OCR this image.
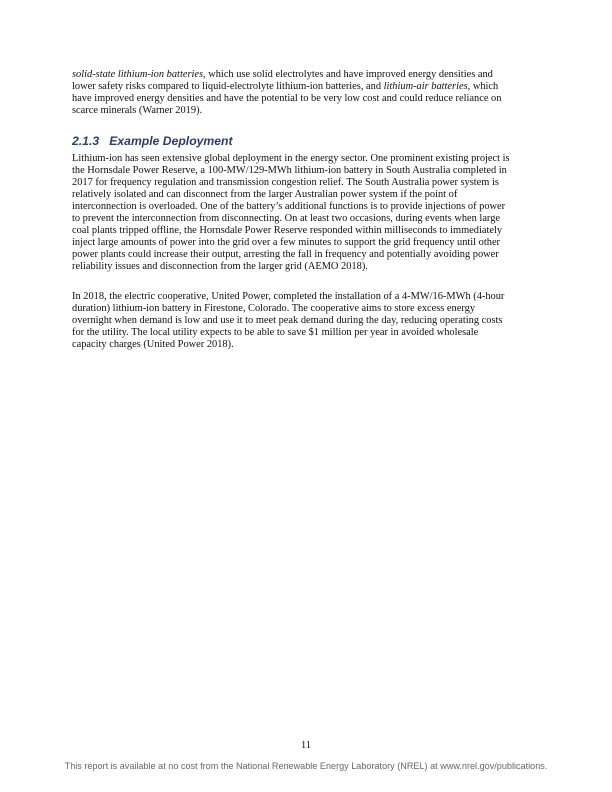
solid-state lithium-ion batteries, which use solid electrolytes and have improved energy densities and
lower safety risks compared to liquid-electrolyte lithium-ion batteries, and lithium-air batteries, which
have improved energy densities and have the potential to be very low cost and could reduce reliance on
scarce minerals (Warner 2019).
2.1.3   Example Deployment
Lithium-ion has seen extensive global deployment in the energy sector. One prominent existing project is
the Hornsdale Power Reserve, a 100-MW/129-MWh lithium-ion battery in South Australia completed in
2017 for frequency regulation and transmission congestion relief. The South Australia power system is
relatively isolated and can disconnect from the larger Australian power system if the point of
interconnection is overloaded. One of the battery’s additional functions is to provide injections of power
to prevent the interconnection from disconnecting. On at least two occasions, during events when large
coal plants tripped offline, the Hornsdale Power Reserve responded within milliseconds to immediately
inject large amounts of power into the grid over a few minutes to support the grid frequency until other
power plants could increase their output, arresting the fall in frequency and potentially avoiding power
reliability issues and disconnection from the larger grid (AEMO 2018).
In 2018, the electric cooperative, United Power, completed the installation of a 4-MW/16-MWh (4-hour
duration) lithium-ion battery in Firestone, Colorado. The cooperative aims to store excess energy
overnight when demand is low and use it to meet peak demand during the day, reducing operating costs
for the utility. The local utility expects to be able to save $1 million per year in avoided wholesale
capacity charges (United Power 2018).
11
This report is available at no cost from the National Renewable Energy Laboratory (NREL) at www.nrel.gov/publications.
